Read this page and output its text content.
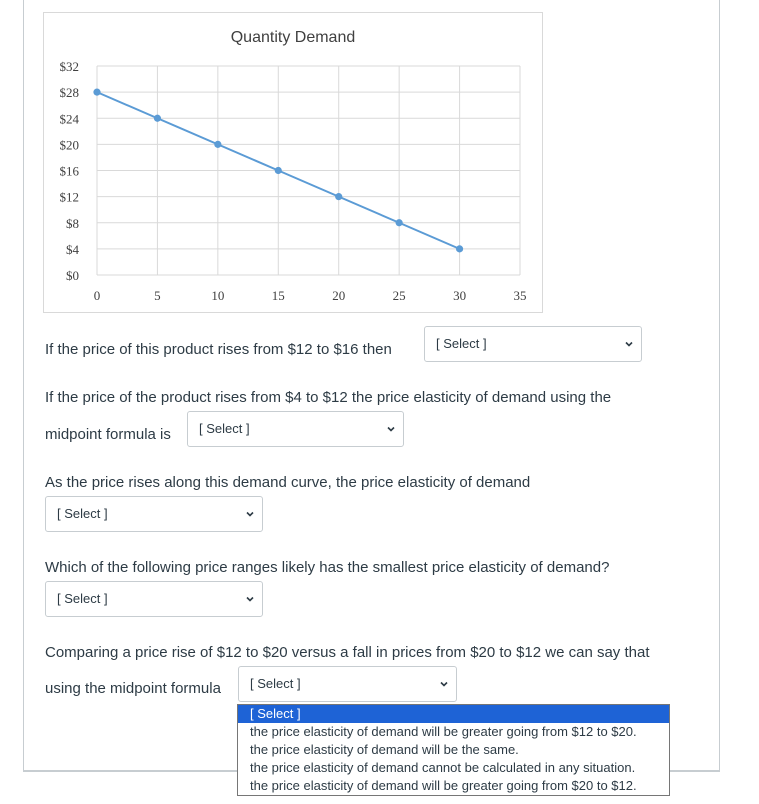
$0
$4
$8
$12
$16
$20
$24
$28
$32
0	5	10	15	20	25	30	35
Quantity Demand
If the price of this product rises from $12 to $16 then	[ Select ]
If the price of the product rises from $4 to $12 the price elasticity of demand using the
midpoint formula is [ Select ]
As the price rises along this demand curve, the price elasticity of demand
[ Select ]
Which of the following price ranges likely has the smallest price elasticity of demand?
[ Select ]
Comparing a price rise of $12 to $20 versus a fall in prices from $20 to $12 we can say that
using the midpoint formula [ Select ]
[ Select ]
the price elasticity of demand will be greater going from $12 to $20.
the price elasticity of demand will be the same.
the price elasticity of demand cannot be calculated in any situation.
the price elasticity of demand will be greater going from $20 to $12.
